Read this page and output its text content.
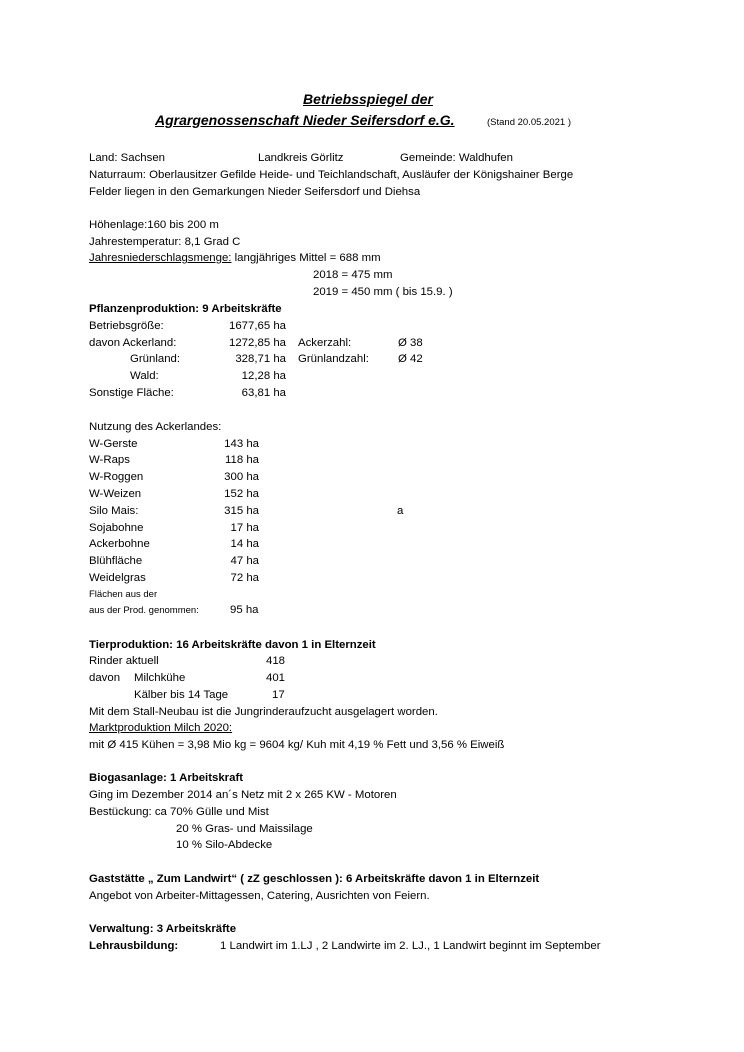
Betriebsspiegel der
Agrargenossenschaft Nieder Seifersdorf e.G.	(Stand 20.05.2021 )
Land: Sachsen	Landkreis Görlitz	Gemeinde: Waldhufen
Naturraum: Oberlausitzer Gefilde Heide- und Teichlandschaft, Ausläufer der Königshainer Berge
Felder liegen in den Gemarkungen Nieder Seifersdorf und Diehsa
Höhenlage:160 bis 200 m
Jahrestemperatur: 8,1 Grad C
Jahresniederschlagsmenge: langjähriges Mittel = 688 mm
2018 = 475 mm
2019 = 450 mm ( bis 15.9. )
Pflanzenproduktion: 9 Arbeitskräfte
Betriebsgröße:	1677,65 ha
davon Ackerland:	1272,85 ha Ackerzahl:	Ø 38
Grünland:	328,71 ha Grünlandzahl:	Ø 42
Wald:	12,28 ha
Sonstige Fläche:	63,81 ha
Nutzung des Ackerlandes:
W-Gerste	143 ha
W-Raps	118 ha
W-Roggen	300 ha
W-Weizen	152 ha
Silo Mais:	315 ha	a
Sojabohne	17 ha
Ackerbohne	14 ha
Blühfläche	47 ha
Weidelgras	72 ha
Flächen aus der
aus der Prod. genommen:	95 ha
Tierproduktion: 16 Arbeitskräfte davon 1 in Elternzeit
Rinder aktuell	418
davon Milchkühe	401
Kälber bis 14 Tage	17
Mit dem Stall-Neubau ist die Jungrinderaufzucht ausgelagert worden.
Marktproduktion Milch 2020:
mit Ø 415 Kühen = 3,98 Mio kg = 9604 kg/ Kuh mit 4,19 % Fett und 3,56 % Eiweiß
Biogasanlage: 1 Arbeitskraft
Ging im Dezember 2014 an´s Netz mit 2 x 265 KW - Motoren
Bestückung: ca 70% Gülle und Mist
20 % Gras- und Maissilage
10 % Silo-Abdecke
Gaststätte „ Zum Landwirt“ ( zZ geschlossen ): 6 Arbeitskräfte davon 1 in Elternzeit
Angebot von Arbeiter-Mittagessen, Catering, Ausrichten von Feiern.
Verwaltung: 3 Arbeitskräfte
Lehrausbildung:	1 Landwirt im 1.LJ , 2 Landwirte im 2. LJ., 1 Landwirt beginnt im September
